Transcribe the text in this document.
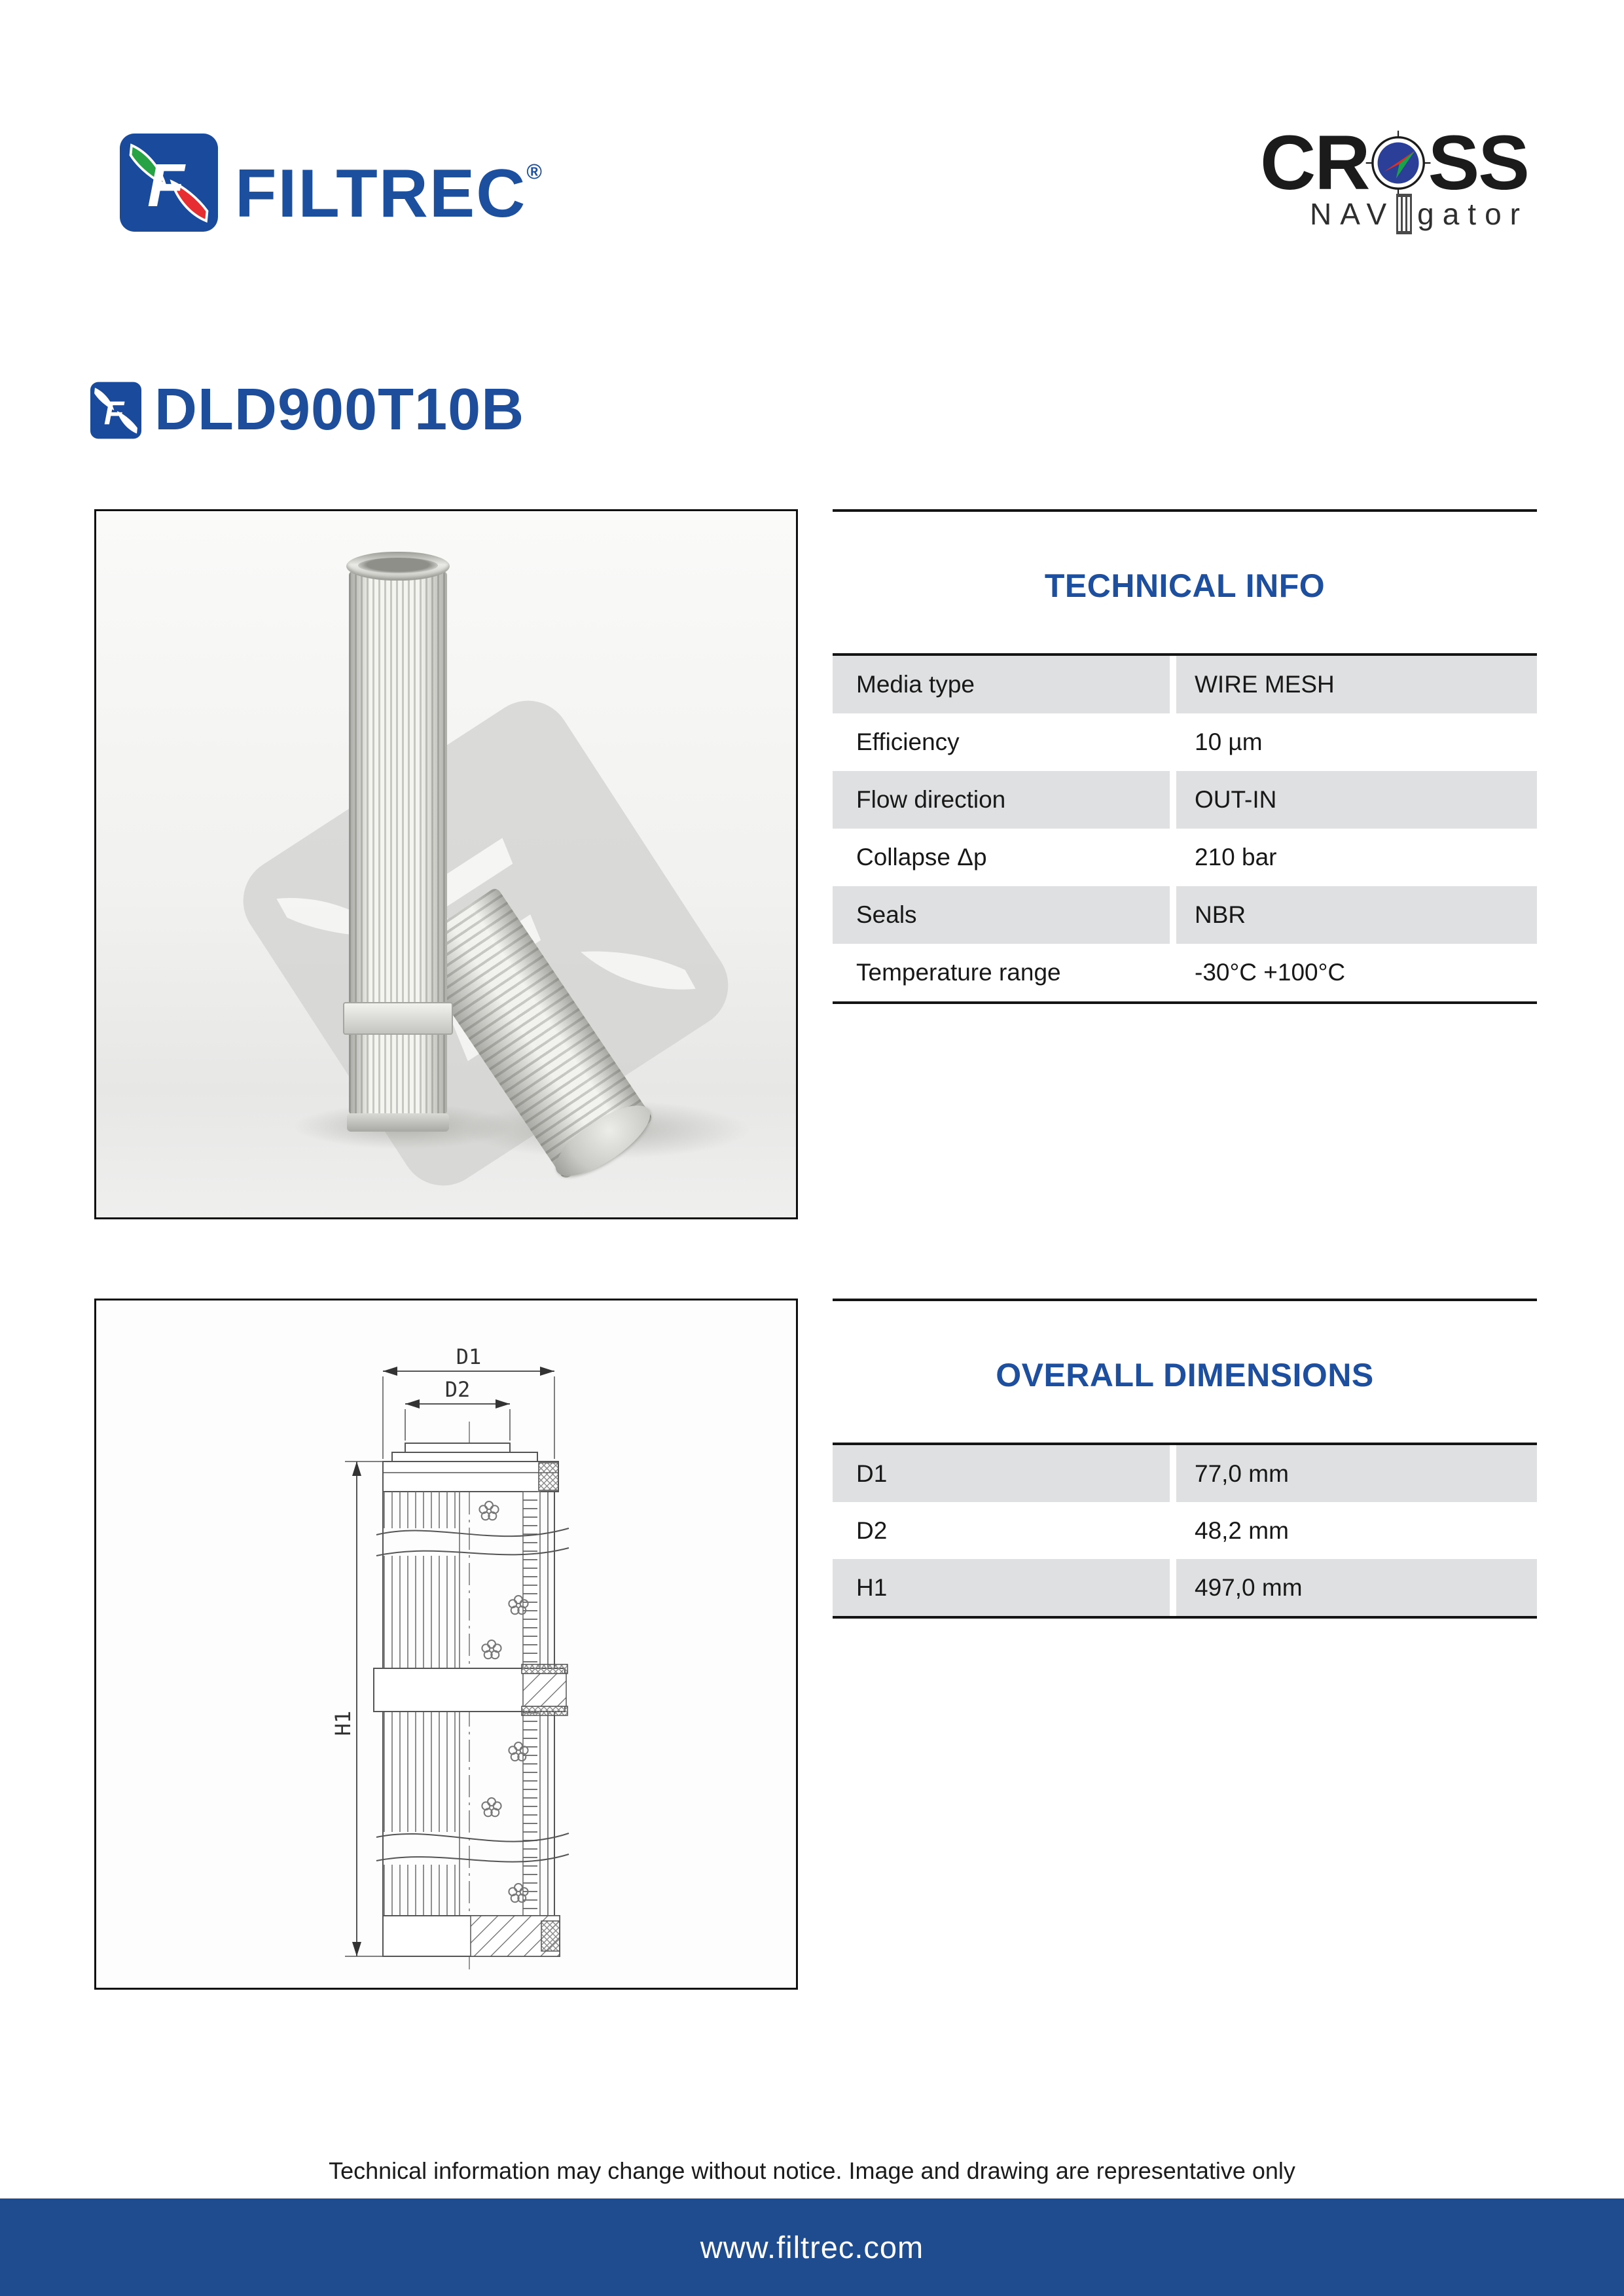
F FILTREC®	CR SS
NAV gator
F DLD900T10B
TECHNICAL INFO
Media type	WIRE MESH
Efficiency	10 µm
Flow direction	OUT-IN
Collapse Δp	210 bar
Seals	NBR
Temperature range	-30°C +100°C
D1
D2
H1
OVERALL DIMENSIONS
D1	77,0 mm
D2	48,2 mm
H1	497,0 mm
Technical information may change without notice. Image and drawing are representative only
www.filtrec.com
